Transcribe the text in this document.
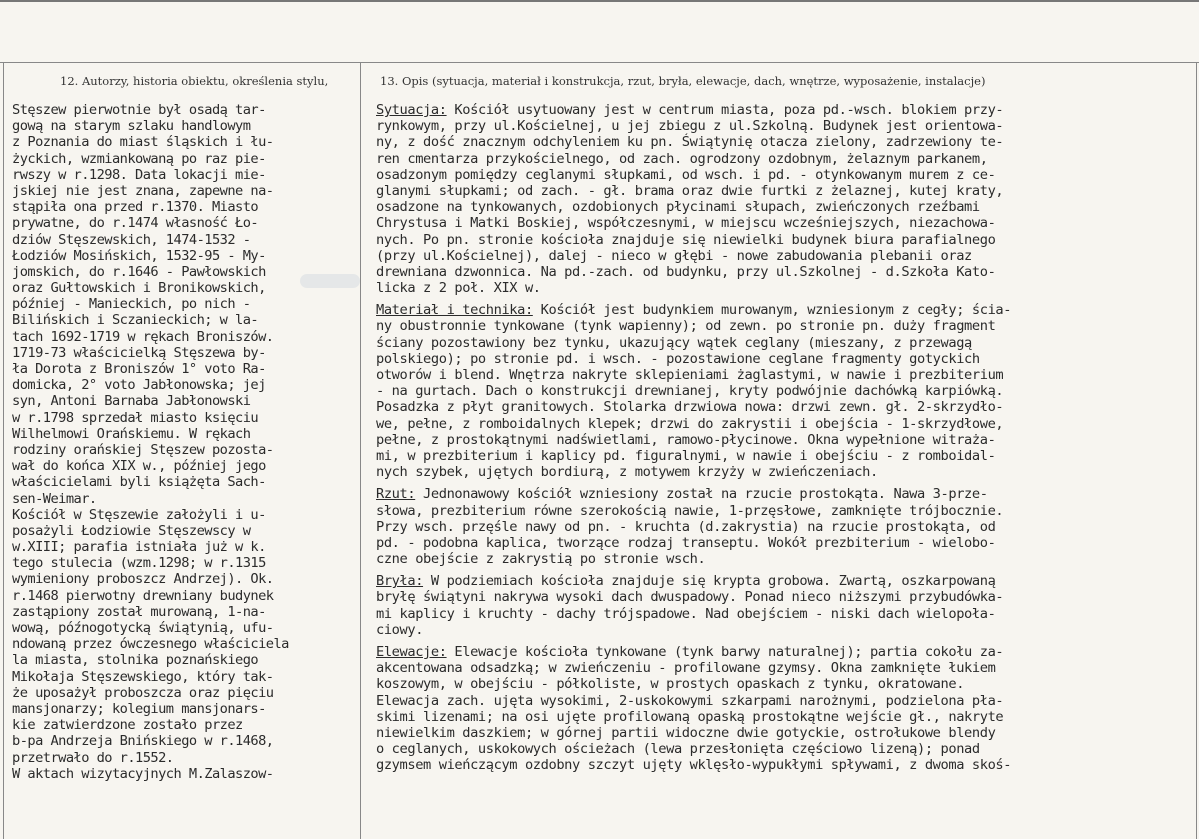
12. Autorzy, historia obiektu, określenia stylu,	13. Opis (sytuacja, materiał i konstrukcja, rzut, bryła, elewacje, dach, wnętrze, wyposażenie, instalacje)
Stęszew pierwotnie był osadą tar-
gową na starym szlaku handlowym
z Poznania do miast śląskich i łu-
życkich, wzmiankowaną po raz pie-
rwszy w r.1298. Data lokacji mie-
jskiej nie jest znana, zapewne na-
stąpiła ona przed r.1370. Miasto
prywatne, do r.1474 własność Ło-
dziów Stęszewskich, 1474-1532 -
Łodziów Mosińskich, 1532-95 - My-
jomskich, do r.1646 - Pawłowskich
oraz Gułtowskich i Bronikowskich,
później - Manieckich, po nich -
Bilińskich i Sczanieckich; w la-
tach 1692-1719 w rękach Broniszów.
1719-73 właścicielką Stęszewa by-
ła Dorota z Broniszów 1° voto Ra-
domicka, 2° voto Jabłonowska; jej
syn, Antoni Barnaba Jabłonowski
w r.1798 sprzedał miasto księciu
Wilhelmowi Orańskiemu. W rękach
rodziny orańskiej Stęszew pozosta-
wał do końca XIX w., później jego
właścicielami byli książęta Sach-
sen-Weimar.
Kościół w Stęszewie założyli i u-
posażyli Łodziowie Stęszewscy w
w.XIII; parafia istniała już w k.
tego stulecia (wzm.1298; w r.1315
wymieniony proboszcz Andrzej). Ok.
r.1468 pierwotny drewniany budynek
zastąpiony został murowaną, 1-na-
wową, późnogotycką świątynią, ufu-
ndowaną przez ówczesnego właściciela
la miasta, stolnika poznańskiego
Mikołaja Stęszewskiego, który tak-
że uposażył proboszcza oraz pięciu
mansjonarzy; kolegium mansjonars-
kie zatwierdzone zostało przez
b-pa Andrzeja Bnińskiego w r.1468,
przetrwało do r.1552.
W aktach wizytacyjnych M.Zalaszow-
Sytuacja: Kościół usytuowany jest w centrum miasta, poza pd.-wsch. blokiem przy-
rynkowym, przy ul.Kościelnej, u jej zbiegu z ul.Szkolną. Budynek jest orientowa-
ny, z dość znacznym odchyleniem ku pn. Świątynię otacza zielony, zadrzewiony te-
ren cmentarza przykościelnego, od zach. ogrodzony ozdobnym, żelaznym parkanem,
osadzonym pomiędzy ceglanymi słupkami, od wsch. i pd. - otynkowanym murem z ce-
glanymi słupkami; od zach. - gł. brama oraz dwie furtki z żelaznej, kutej kraty,
osadzone na tynkowanych, ozdobionych płycinami słupach, zwieńczonych rzeźbami
Chrystusa i Matki Boskiej, współczesnymi, w miejscu wcześniejszych, niezachowa-
nych. Po pn. stronie kościoła znajduje się niewielki budynek biura parafialnego
(przy ul.Kościelnej), dalej - nieco w głębi - nowe zabudowania plebanii oraz
drewniana dzwonnica. Na pd.-zach. od budynku, przy ul.Szkolnej - d.Szkoła Kato-
licka z 2 poł. XIX w.
Materiał i technika: Kościół jest budynkiem murowanym, wzniesionym z cegły; ścia-
ny obustronnie tynkowane (tynk wapienny); od zewn. po stronie pn. duży fragment
ściany pozostawiony bez tynku, ukazujący wątek ceglany (mieszany, z przewagą
polskiego); po stronie pd. i wsch. - pozostawione ceglane fragmenty gotyckich
otworów i blend. Wnętrza nakryte sklepieniami żaglastymi, w nawie i prezbiterium
- na gurtach. Dach o konstrukcji drewnianej, kryty podwójnie dachówką karpiówką.
Posadzka z płyt granitowych. Stolarka drzwiowa nowa: drzwi zewn. gł. 2-skrzydło-
we, pełne, z romboidalnych klepek; drzwi do zakrystii i obejścia - 1-skrzydłowe,
pełne, z prostokątnymi nadświetlami, ramowo-płycinowe. Okna wypełnione witraża-
mi, w prezbiterium i kaplicy pd. figuralnymi, w nawie i obejściu - z romboidal-
nych szybek, ujętych bordiurą, z motywem krzyży w zwieńczeniach.
Rzut: Jednonawowy kościół wzniesiony został na rzucie prostokąta. Nawa 3-prze-
słowa, prezbiterium równe szerokością nawie, 1-przęsłowe, zamknięte trójbocznie.
Przy wsch. przęśle nawy od pn. - kruchta (d.zakrystia) na rzucie prostokąta, od
pd. - podobna kaplica, tworzące rodzaj transeptu. Wokół prezbiterium - wielobo-
czne obejście z zakrystią po stronie wsch.
Bryła: W podziemiach kościoła znajduje się krypta grobowa. Zwartą, oszkarpowaną
bryłę świątyni nakrywa wysoki dach dwuspadowy. Ponad nieco niższymi przybudówka-
mi kaplicy i kruchty - dachy trójspadowe. Nad obejściem - niski dach wielopoła-
ciowy.
Elewacje: Elewacje kościoła tynkowane (tynk barwy naturalnej); partia cokołu za-
akcentowana odsadzką; w zwieńczeniu - profilowane gzymsy. Okna zamknięte łukiem
koszowym, w obejściu - półkoliste, w prostych opaskach z tynku, okratowane.
Elewacja zach. ujęta wysokimi, 2-uskokowymi szkarpami narożnymi, podzielona pła-
skimi lizenami; na osi ujęte profilowaną opaską prostokątne wejście gł., nakryte
niewielkim daszkiem; w górnej partii widoczne dwie gotyckie, ostrołukowe blendy
o ceglanych, uskokowych ościeżach (lewa przesłonięta częściowo lizeną); ponad
gzymsem wieńczącym ozdobny szczyt ujęty wklęsło-wypukłymi spływami, z dwoma skoś-
